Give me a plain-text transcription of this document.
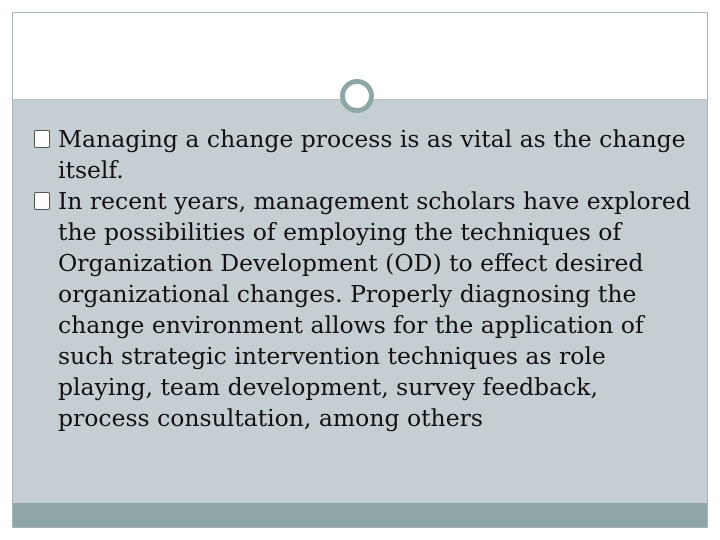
Managing a change process is as vital as the change itself.
In recent years, management scholars have explored the possibilities of employing the techniques of Organization Development (OD) to effect desired organizational changes. Properly diagnosing the change environment allows for the application of such strategic intervention techniques as role playing, team development, survey feedback, process consultation, among others
